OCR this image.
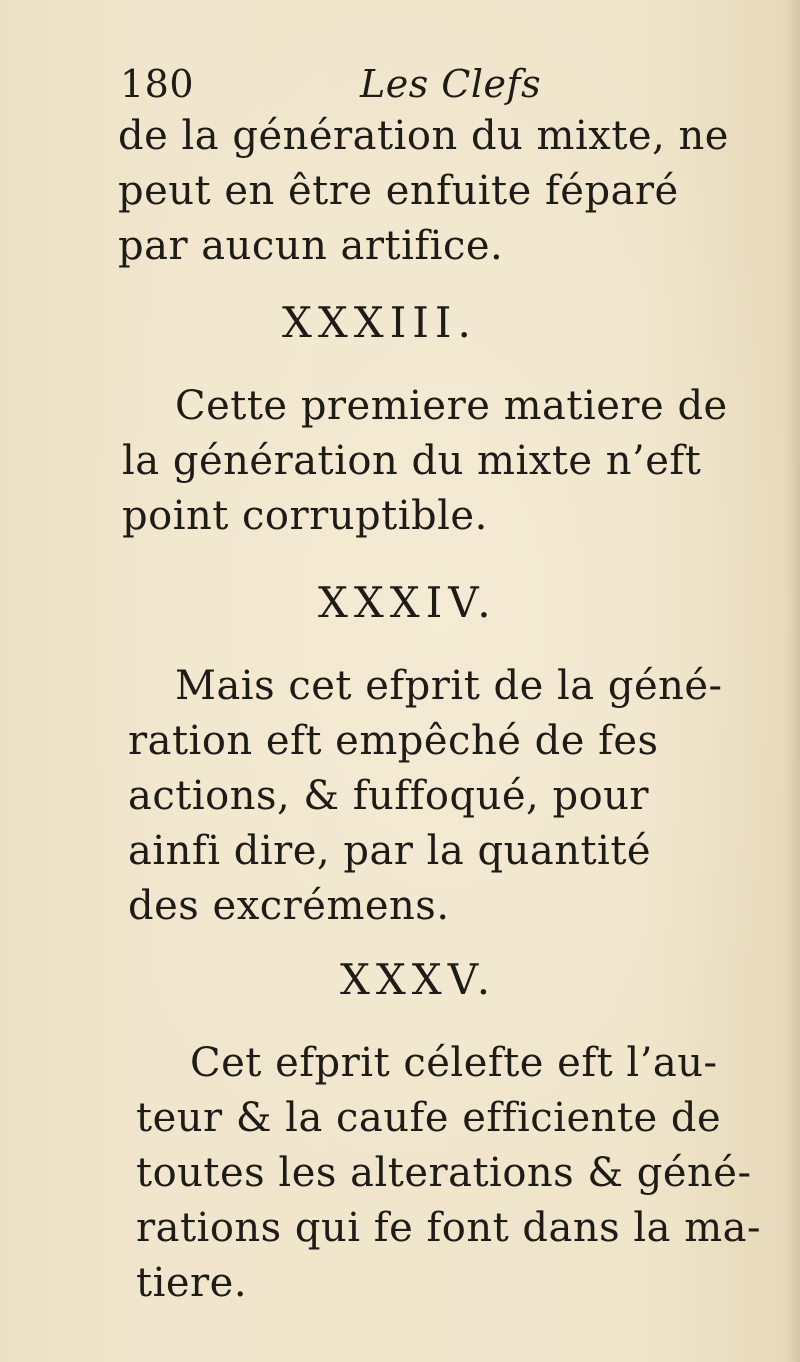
180	Les Clefs
de la génération du mixte, ne
peut en être enfuite féparé
par aucun artifice.
XXXIII.
Cette premiere matiere de
la génération du mixte n’eft
point corruptible.
XXXIV.
Mais cet efprit de la géné-
ration eft empêché de fes
actions, & fuffoqué, pour
ainfi dire, par la quantité
des excrémens.
XXXV.
Cet efprit célefte eft l’au-
teur & la caufe efficiente de
toutes les alterations & géné-
rations qui fe font dans la ma-
tiere.
